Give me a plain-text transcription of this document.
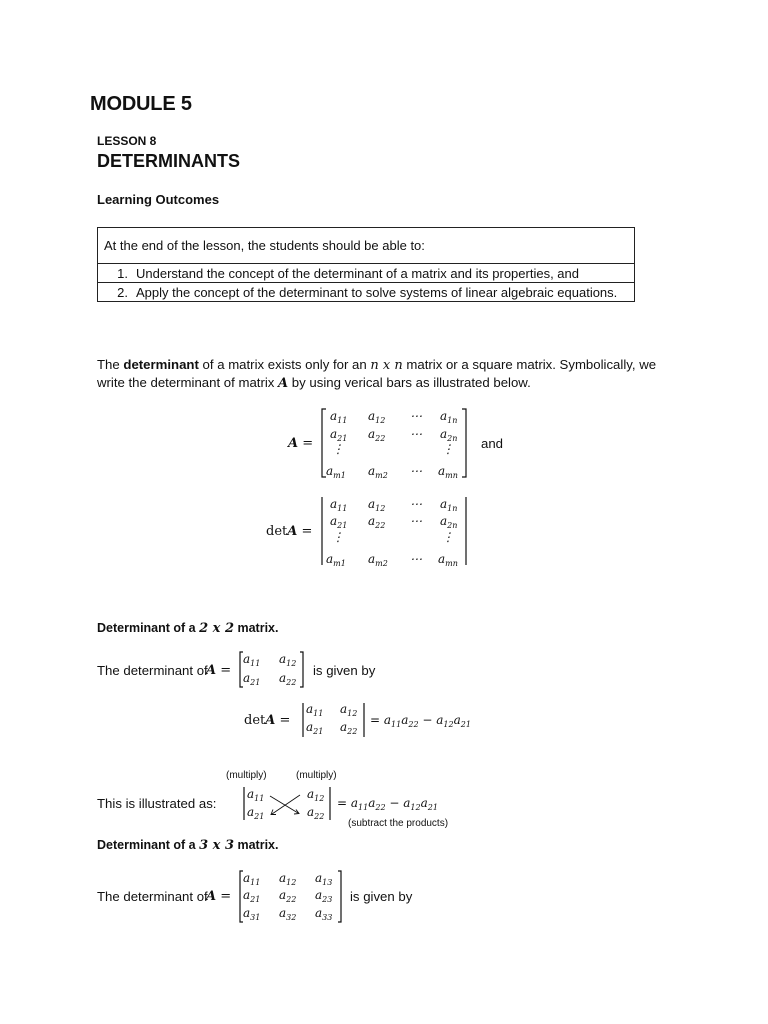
MODULE 5
LESSON 8
DETERMINANTS
Learning Outcomes
At the end of the lesson, the students should be able to:
1. Understand the concept of the determinant of a matrix and its properties, and
2. Apply the concept of the determinant to solve systems of linear algebraic equations.
The determinant of a matrix exists only for an n x n matrix or a square matrix. Symbolically, we
write the determinant of matrix A by using verical bars as illustrated below.
A =
$a_{11}$ $a_{12}$ ⋯ $a_{1n}$
$a_{21}$ $a_{22}$ ⋯ $a_{2n}$
⋮	⋮
$a_{m1}$ $a_{m2}$ ⋯ $a_{mn}$
and
detA =
$a_{11}$ $a_{12}$ ⋯ $a_{1n}$
$a_{21}$ $a_{22}$ ⋯ $a_{2n}$
⋮	⋮
$a_{m1}$ $a_{m2}$ ⋯ $a_{mn}$
Determinant of a 2 x 2 matrix.
The determinant of
A =
$a_{11}$ $a_{12}$
$a_{21}$ $a_{22}$
is given by
detA =
$a_{11}$ $a_{12}$
$a_{21}$ $a_{22}$
= $a_{11}a_{22} - a_{12}a_{21}$
(multiply)	(multiply)
This is illustrated as:
$a_{11}$	$a_{12}$
$a_{21}$	$a_{22}$
= $a_{11}a_{22} - a_{12}a_{21}$
(subtract the products)
Determinant of a 3 x 3 matrix.
The determinant of
A =
$a_{11}$ $a_{12}$ $a_{13}$
$a_{21}$ $a_{22}$ $a_{23}$
$a_{31}$ $a_{32}$ $a_{33}$
is given by
